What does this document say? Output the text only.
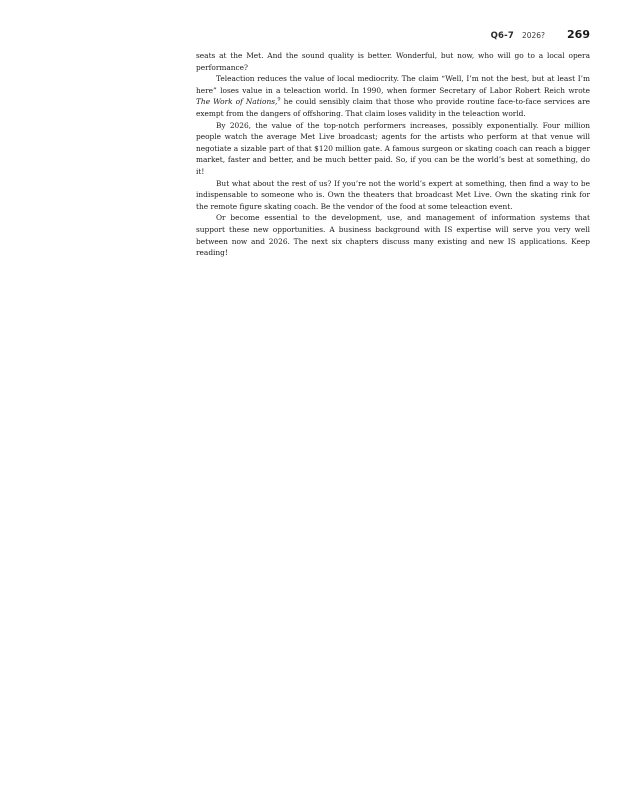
Q6-7 2026? 269

seats at the Met. And the sound quality is better. Wonderful, but now, who will go to a local opera performance?

Teleaction reduces the value of local mediocrity. The claim “Well, I’m not the best, but at least I’m here” loses value in a teleaction world. In 1990, when former Secretary of Labor Robert Reich wrote The Work of Nations,$^9$ he could sensibly claim that those who provide routine face-to-face services are exempt from the dangers of offshoring. That claim loses validity in the teleaction world.

By 2026, the value of the top-notch performers increases, possibly exponentially. Four million people watch the average Met Live broadcast; agents for the artists who perform at that venue will negotiate a sizable part of that $120 million gate. A famous surgeon or skating coach can reach a bigger market, faster and better, and be much better paid. So, if you can be the world’s best at something, do it!

But what about the rest of us? If you’re not the world’s expert at something, then find a way to be indispensable to someone who is. Own the theaters that broadcast Met Live. Own the skating rink for the remote figure skating coach. Be the vendor of the food at some teleaction event.

Or become essential to the development, use, and management of information systems that support these new opportunities. A business background with IS expertise will serve you very well between now and 2026. The next six chapters discuss many existing and new IS applications. Keep reading!
